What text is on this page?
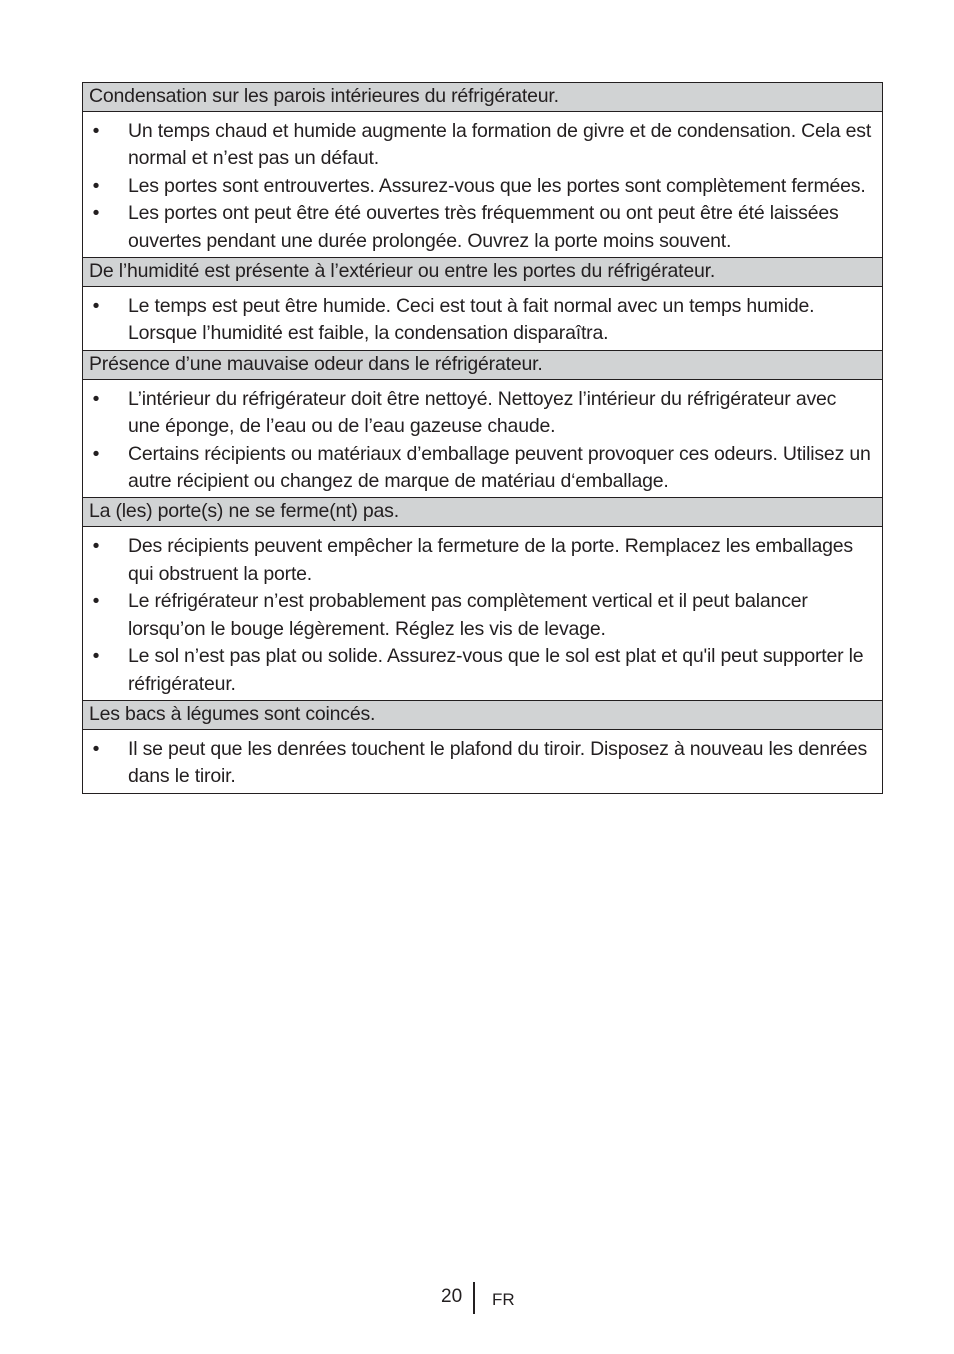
Condensation sur les parois intérieures du réfrigérateur.
• Un temps chaud et humide augmente la formation de givre et de condensation. Cela est normal et n’est pas un défaut.
• Les portes sont entrouvertes. Assurez-vous que les portes sont complètement fermées.
• Les portes ont peut être été ouvertes très fréquemment ou ont peut être été laissées ouvertes pendant une durée prolongée. Ouvrez la porte moins souvent.
De l’humidité est présente à l’extérieur ou entre les portes du réfrigérateur.
• Le temps est peut être humide. Ceci est tout à fait normal avec un temps humide. Lorsque l’humidité est faible, la condensation disparaîtra.
Présence d’une mauvaise odeur dans le réfrigérateur.
• L’intérieur du réfrigérateur doit être nettoyé. Nettoyez l’intérieur du réfrigérateur avec une éponge, de l’eau ou de l’eau gazeuse chaude.
• Certains récipients ou matériaux d’emballage peuvent provoquer ces odeurs. Utilisez un autre récipient ou changez de marque de matériau d‘emballage.
La (les) porte(s) ne se ferme(nt) pas.
• Des récipients peuvent empêcher la fermeture de la porte. Remplacez les emballages qui obstruent la porte.
• Le réfrigérateur n’est probablement pas complètement vertical et il peut balancer lorsqu’on le bouge légèrement. Réglez les vis de levage.
• Le sol n’est pas plat ou solide. Assurez-vous que le sol est plat et qu'il peut supporter le réfrigérateur.
Les bacs à légumes sont coincés.
• Il se peut que les denrées touchent le plafond du tiroir. Disposez à nouveau les denrées dans le tiroir.
20 FR
